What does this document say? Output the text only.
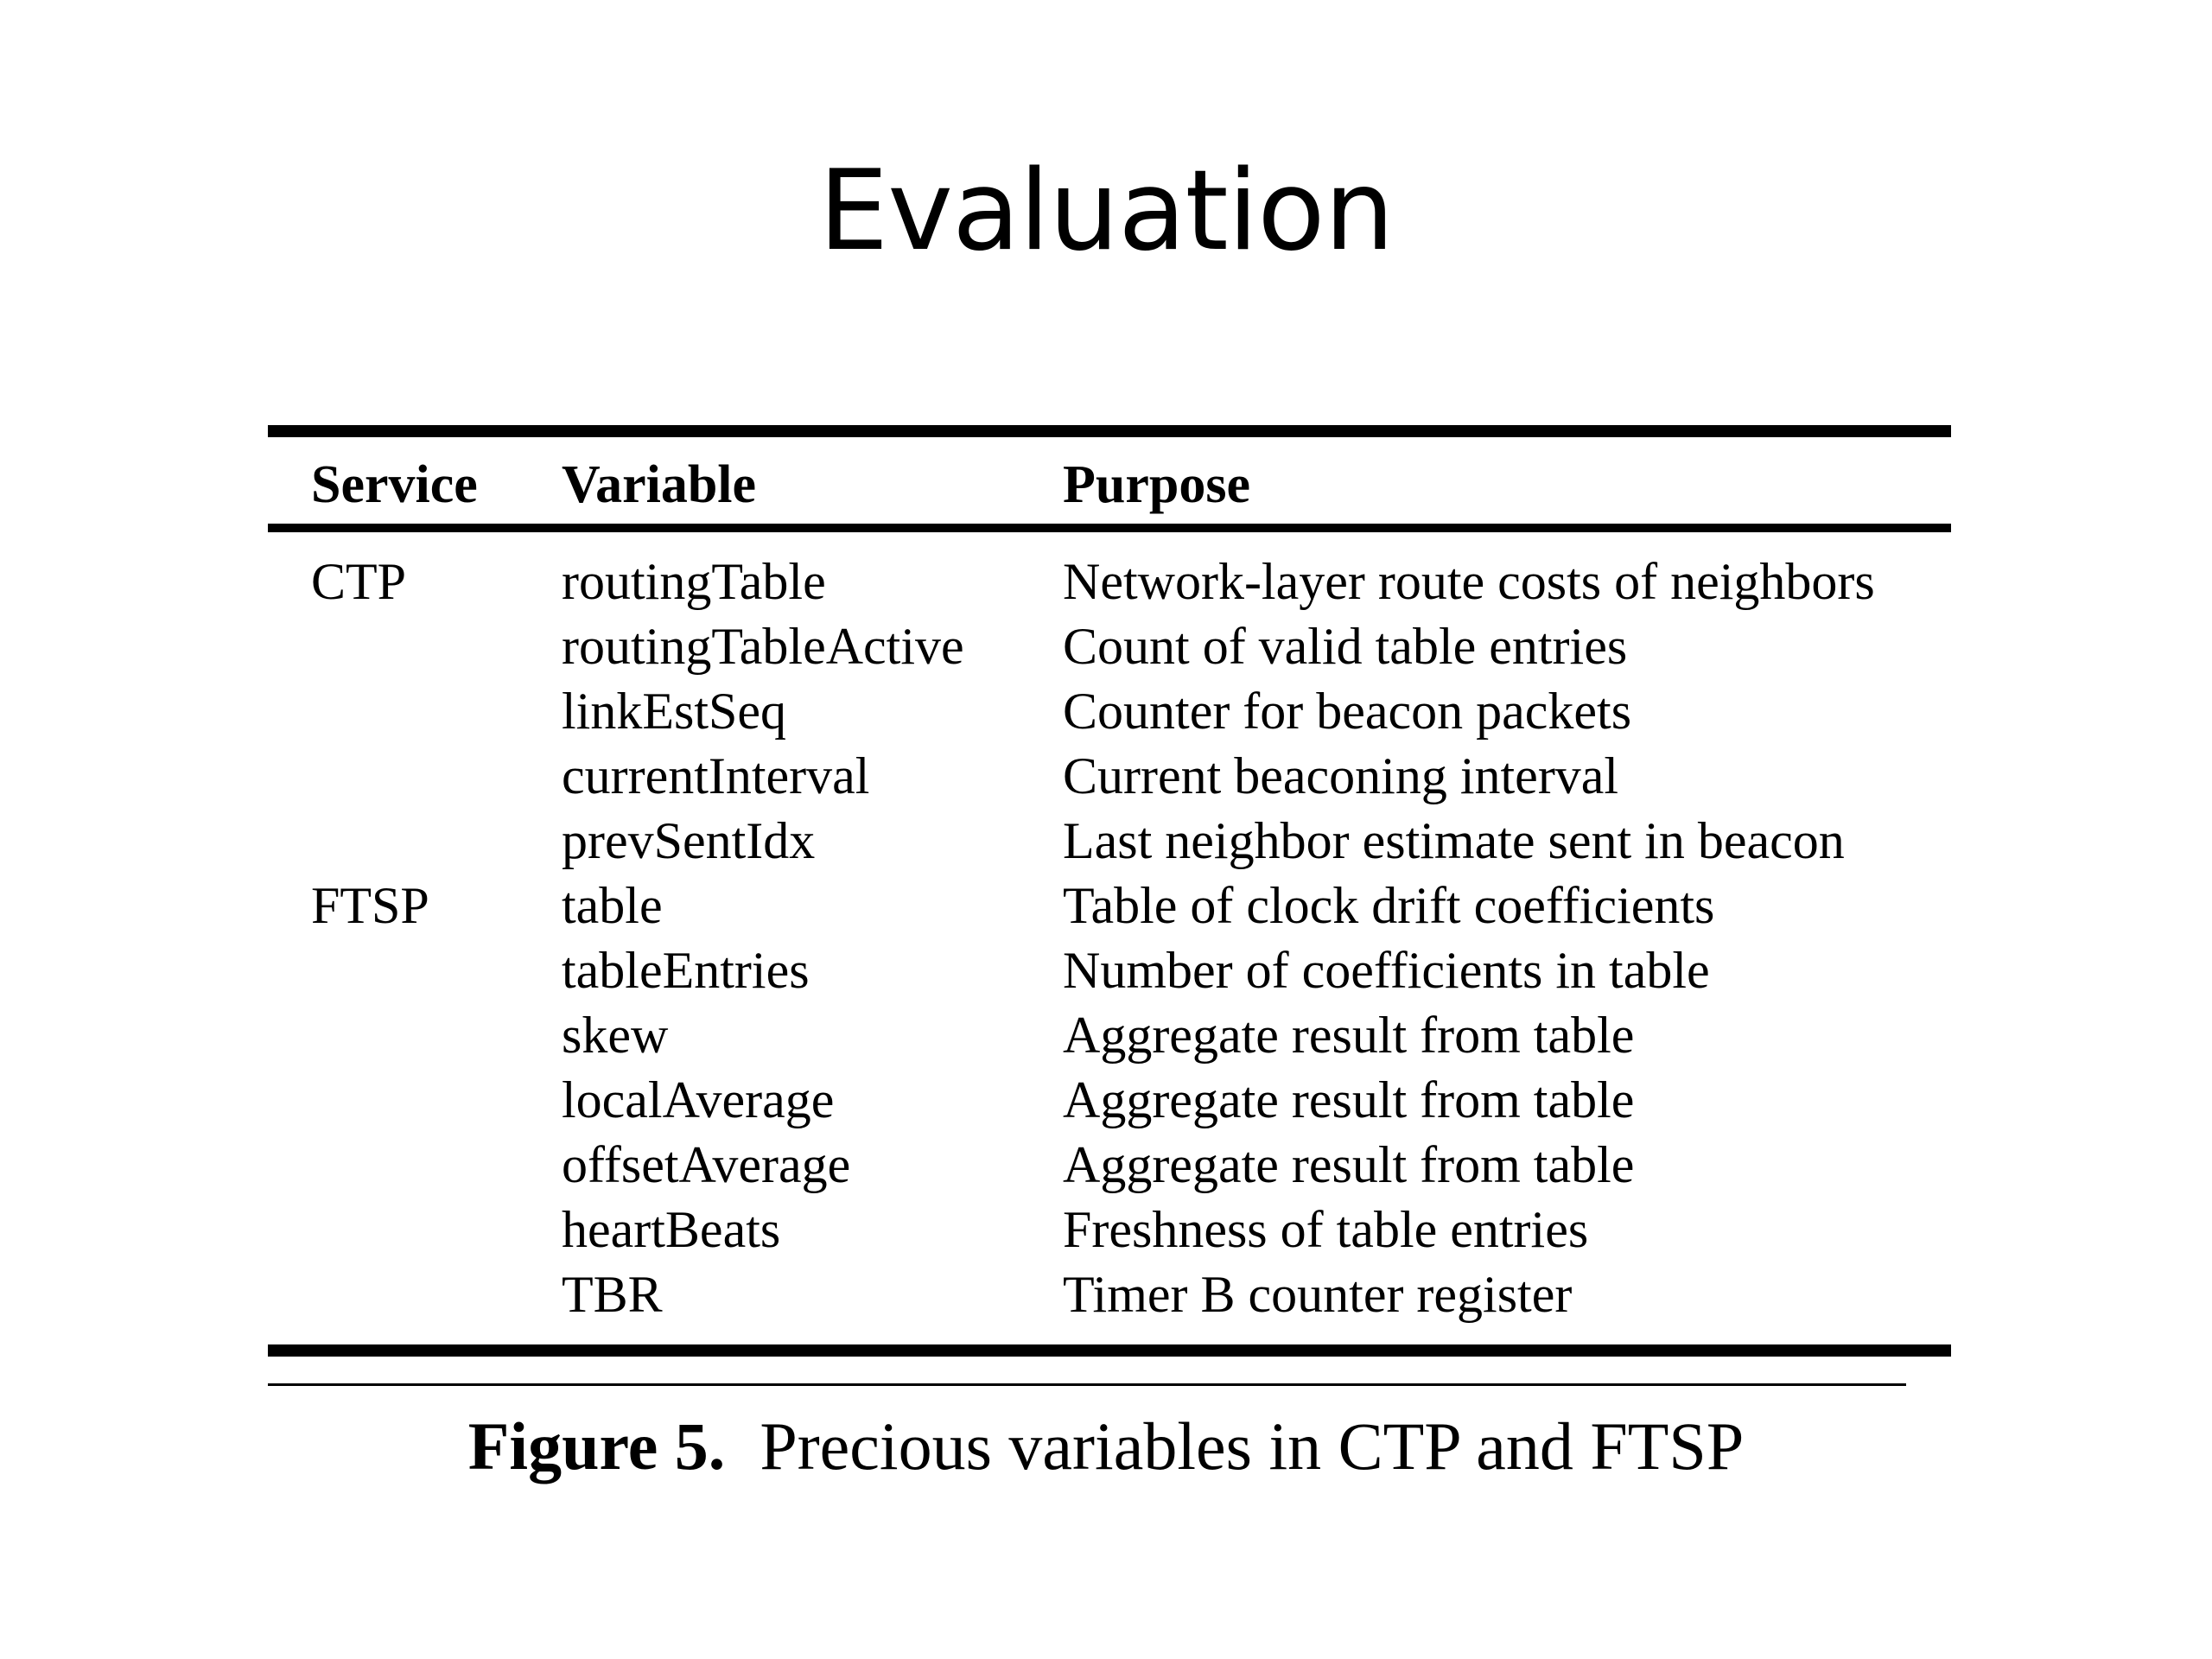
Evaluation
Service Variable	Purpose
CTP	routingTable	Network-layer route costs of neighbors
routingTableActive Count of valid table entries
linkEstSeq	Counter for beacon packets
currentInterval	Current beaconing interval
prevSentIdx	Last neighbor estimate sent in beacon
FTSP	table	Table of clock drift coefficients
tableEntries	Number of coefficients in table
skew	Aggregate result from table
localAverage	Aggregate result from table
offsetAverage	Aggregate result from table
heartBeats	Freshness of table entries
TBR	Timer B counter register
Figure 5. Precious variables in CTP and FTSP
